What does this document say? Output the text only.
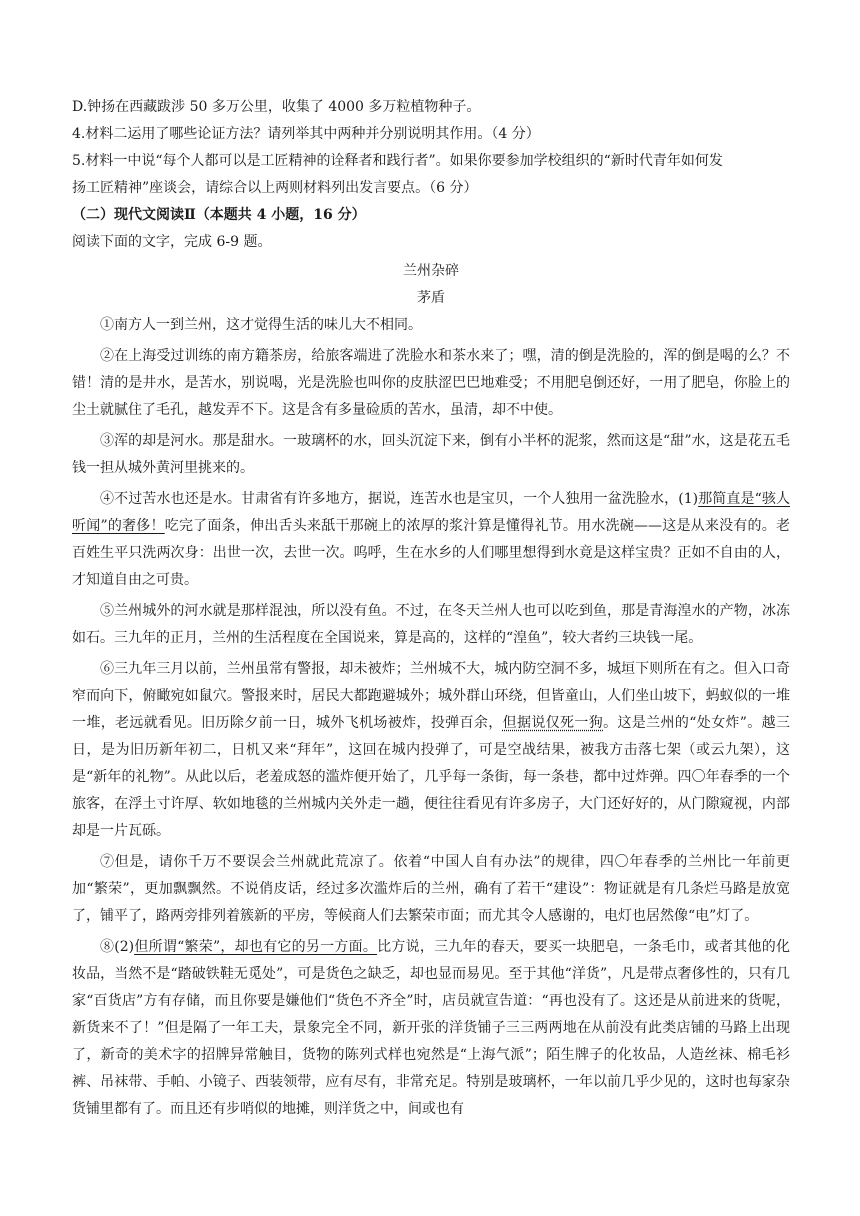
D.钟扬在西藏跋涉 50 多万公里，收集了 4000 多万粒植物种子。
4.材料二运用了哪些论证方法？请列举其中两种并分别说明其作用。（4 分）
5.材料一中说“每个人都可以是工匠精神的诠释者和践行者”。如果你要参加学校组织的“新时代青年如何发
扬工匠精神”座谈会，请综合以上两则材料列出发言要点。（6 分）
（二）现代文阅读Ⅱ（本题共 4 小题，16 分）
阅读下面的文字，完成 6-9 题。
兰州杂碎
茅盾

①南方人一到兰州，这才觉得生活的味儿大不相同。

②在上海受过训练的南方籍茶房，给旅客端进了洗脸水和茶水来了；嘿，清的倒是洗脸的，浑的倒是喝的么？不错！清的是井水，是苦水，别说喝，光是洗脸也叫你的皮肤涩巴巴地难受；不用肥皂倒还好，一用了肥皂，你脸上的尘土就腻住了毛孔，越发弄不下。这是含有多量硷质的苦水，虽清，却不中使。

③浑的却是河水。那是甜水。一玻璃杯的水，回头沉淀下来，倒有小半杯的泥浆，然而这是“甜”水，这是花五毛钱一担从城外黄河里挑来的。

④不过苦水也还是水。甘肃省有许多地方，据说，连苦水也是宝贝，一个人独用一盆洗脸水，(1)那简直是“骇人听闻”的奢侈！吃完了面条，伸出舌头来舐干那碗上的浓厚的浆汁算是懂得礼节。用水洗碗——这是从来没有的。老百姓生平只洗两次身：出世一次，去世一次。呜呼，生在水乡的人们哪里想得到水竟是这样宝贵？正如不自由的人，才知道自由之可贵。

⑤兰州城外的河水就是那样混浊，所以没有鱼。不过，在冬天兰州人也可以吃到鱼，那是青海湟水的产物，冰冻如石。三九年的正月，兰州的生活程度在全国说来，算是高的，这样的“湟鱼”，较大者约三块钱一尾。

⑥三九年三月以前，兰州虽常有警报，却未被炸；兰州城不大，城内防空洞不多，城垣下则所在有之。但入口奇窄而向下，俯瞰宛如鼠穴。警报来时，居民大都跑避城外；城外群山环绕，但皆童山，人们坐山坡下，蚂蚁似的一堆一堆，老远就看见。旧历除夕前一日，城外飞机场被炸，投弹百余，但据说仅死一狗。这是兰州的“处女炸”。越三日，是为旧历新年初二，日机又来“拜年”，这回在城内投弹了，可是空战结果，被我方击落七架（或云九架），这是“新年的礼物”。从此以后，老羞成怒的滥炸便开始了，几乎每一条街，每一条巷，都中过炸弹。四〇年春季的一个旅客，在浮土寸许厚、软如地毯的兰州城内关外走一趟，便往往看见有许多房子，大门还好好的，从门隙窥视，内部却是一片瓦砾。

⑦但是，请你千万不要误会兰州就此荒凉了。依着“中国人自有办法”的规律，四〇年春季的兰州比一年前更加“繁荣”，更加飘飘然。不说俏皮话，经过多次滥炸后的兰州，确有了若干“建设”：物证就是有几条烂马路是放宽了，铺平了，路两旁排列着簇新的平房，等候商人们去繁荣市面；而尤其令人感谢的，电灯也居然像“电”灯了。

⑧(2)但所谓“繁荣”，却也有它的另一方面。比方说，三九年的春天，要买一块肥皂，一条毛巾，或者其他的化妆品，当然不是“踏破铁鞋无觅处”，可是货色之缺乏，却也显而易见。至于其他“洋货”，凡是带点奢侈性的，只有几家“百货店”方有存储，而且你要是嫌他们“货色不齐全”时，店员就宣告道：“再也没有了。这还是从前进来的货呢，新货来不了！”但是隔了一年工夫，景象完全不同，新开张的洋货铺子三三两两地在从前没有此类店铺的马路上出现了，新奇的美术字的招牌异常触目，货物的陈列式样也宛然是“上海气派”；陌生牌子的化妆品，人造丝袜、棉毛衫裤、吊袜带、手帕、小镜子、西装领带，应有尽有，非常充足。特别是玻璃杯，一年以前几乎少见的，这时也每家杂货铺里都有了。而且还有步哨似的地摊，则洋货之中，间或也有
